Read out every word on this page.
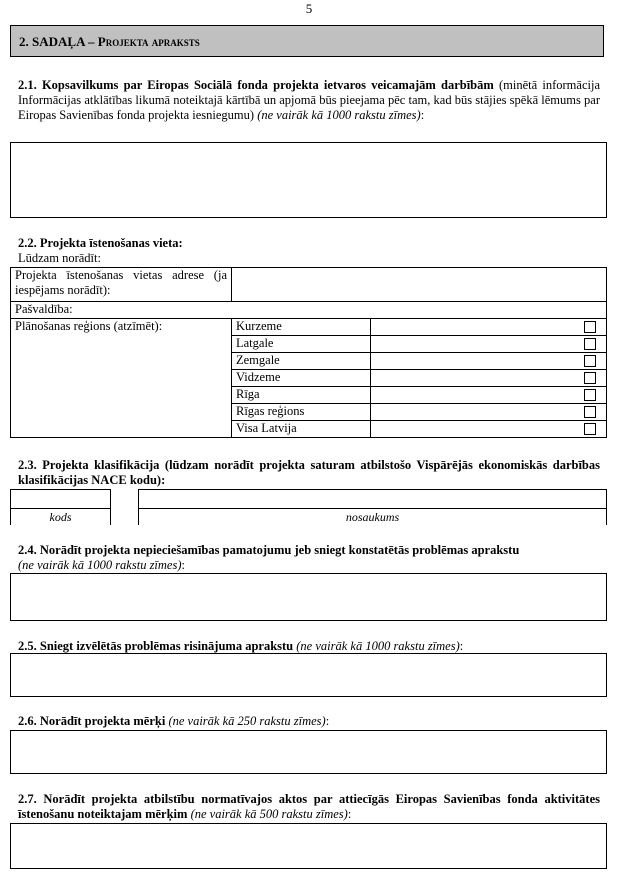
5
2. SADAĻA – Projekta apraksts
2.1. Kopsavilkums par Eiropas Sociālā fonda projekta ietvaros veicamajām darbībām (minētā informācija Informācijas atklātības likumā noteiktajā kārtībā un apjomā būs pieejama pēc tam, kad būs stājies spēkā lēmums par Eiropas Savienības fonda projekta iesniegumu) (ne vairāk kā 1000 rakstu zīmes):
2.2. Projekta īstenošanas vieta:
Lūdzam norādīt:
Projekta īstenošanas vietas adrese (ja iespējams norādīt):		
Pašvaldība:		
Plānošanas reģions (atzīmēt):	Kurzeme	
	Latgale	
	Zemgale	
	Vidzeme	
	Rīga	
	Rīgas reģions	
	Visa Latvija	
2.3. Projekta klasifikācija (lūdzam norādīt projekta saturam atbilstošo Vispārējās ekonomiskās darbības klasifikācijas NACE kodu):
kods	nosaukums
2.4. Norādīt projekta nepieciešamības pamatojumu jeb sniegt konstatētās problēmas aprakstu
(ne vairāk kā 1000 rakstu zīmes):
2.5. Sniegt izvēlētās problēmas risinājuma aprakstu (ne vairāk kā 1000 rakstu zīmes):
2.6. Norādīt projekta mērķi (ne vairāk kā 250 rakstu zīmes):
2.7. Norādīt projekta atbilstību normatīvajos aktos par attiecīgās Eiropas Savienības fonda aktivitātes īstenošanu noteiktajam mērķim (ne vairāk kā 500 rakstu zīmes):
